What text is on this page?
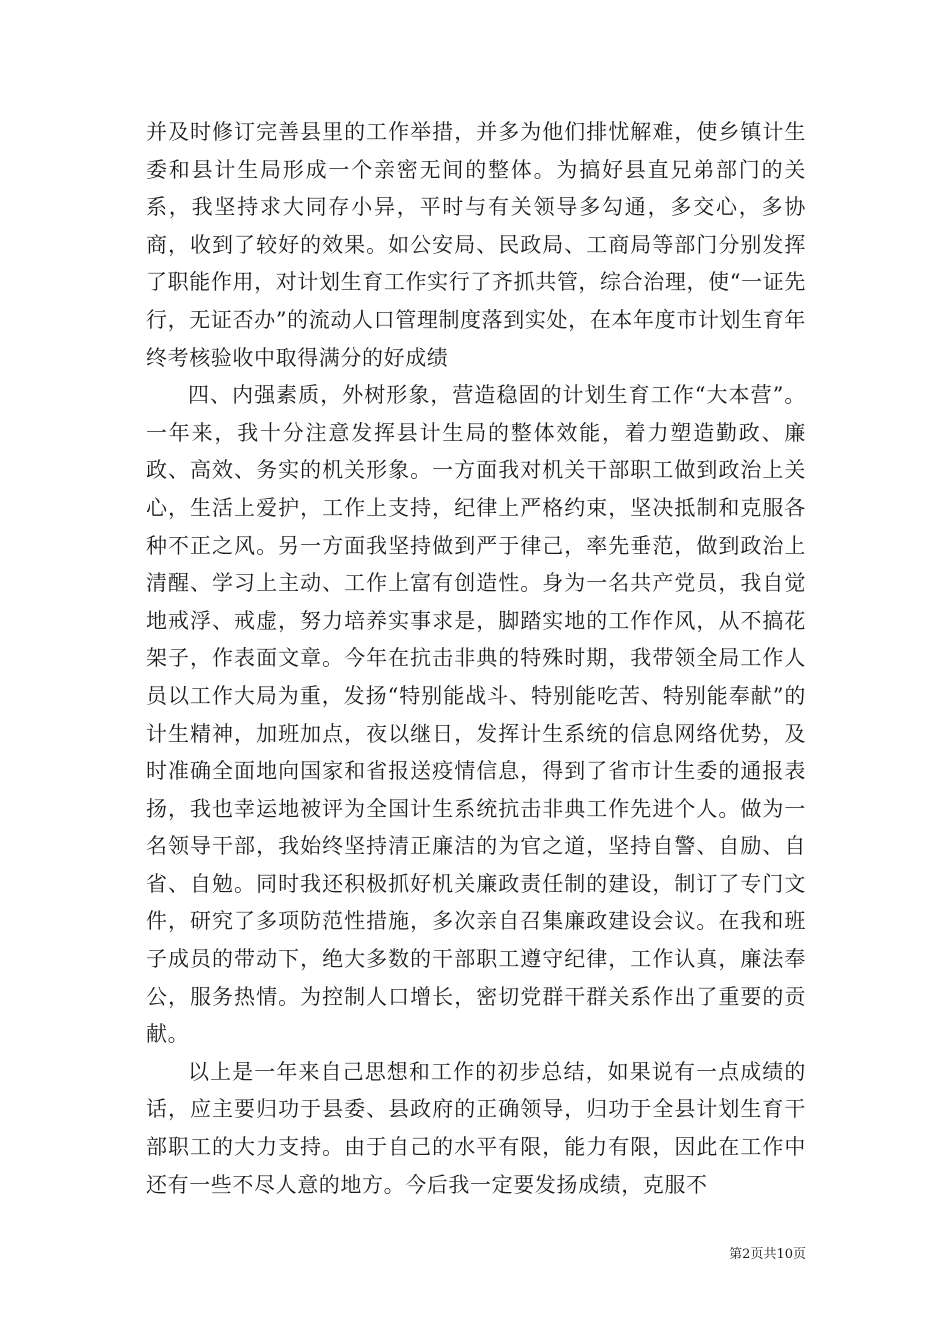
并及时修订完善县里的工作举措，并多为他们排忧解难，使乡镇计生委和县计生局形成一个亲密无间的整体。为搞好县直兄弟部门的关系，我坚持求大同存小异，平时与有关领导多勾通，多交心，多协商，收到了较好的效果。如公安局、民政局、工商局等部门分别发挥了职能作用，对计划生育工作实行了齐抓共管，综合治理，使“一证先行，无证否办”的流动人口管理制度落到实处，在本年度市计划生育年终考核验收中取得满分的好成绩

四、内强素质，外树形象，营造稳固的计划生育工作“大本营”。一年来，我十分注意发挥县计生局的整体效能，着力塑造勤政、廉政、高效、务实的机关形象。一方面我对机关干部职工做到政治上关心，生活上爱护，工作上支持，纪律上严格约束，坚决抵制和克服各种不正之风。另一方面我坚持做到严于律己，率先垂范，做到政治上清醒、学习上主动、工作上富有创造性。身为一名共产党员，我自觉地戒浮、戒虚，努力培养实事求是，脚踏实地的工作作风，从不搞花架子，作表面文章。今年在抗击非典的特殊时期，我带领全局工作人员以工作大局为重，发扬“特别能战斗、特别能吃苦、特别能奉献”的计生精神，加班加点，夜以继日，发挥计生系统的信息网络优势，及时准确全面地向国家和省报送疫情信息，得到了省市计生委的通报表扬，我也幸运地被评为全国计生系统抗击非典工作先进个人。做为一名领导干部，我始终坚持清正廉洁的为官之道，坚持自警、自励、自省、自勉。同时我还积极抓好机关廉政责任制的建设，制订了专门文件，研究了多项防范性措施，多次亲自召集廉政建设会议。在我和班子成员的带动下，绝大多数的干部职工遵守纪律，工作认真，廉法奉公，服务热情。为控制人口增长，密切党群干群关系作出了重要的贡献。

以上是一年来自己思想和工作的初步总结，如果说有一点成绩的话，应主要归功于县委、县政府的正确领导，归功于全县计划生育干部职工的大力支持。由于自己的水平有限，能力有限，因此在工作中还有一些不尽人意的地方。今后我一定要发扬成绩，克服不

第2页共10页
